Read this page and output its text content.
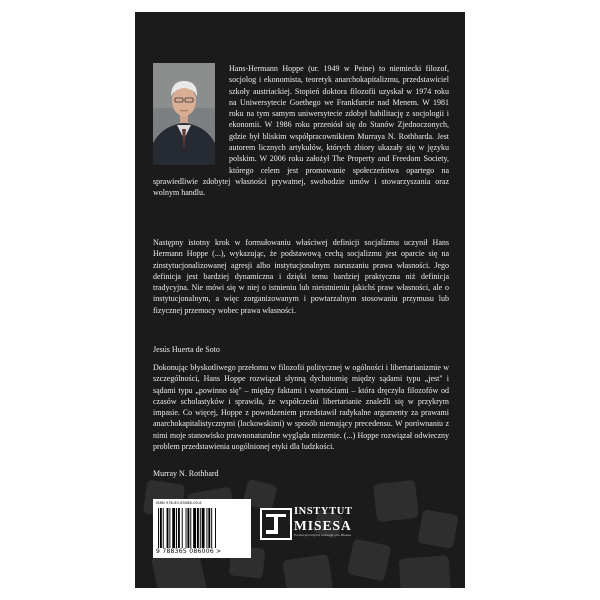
Hans-Hermann Hoppe (ur. 1949 w Peine) to niemiecki filozof, socjolog i ekonomista, teoretyk anarchokapitalizmu, przedstawiciel szkoły austriackiej. Stopień doktora filozofii uzyskał w 1974 roku na Uniwersytecie Goethego we Frankfurcie nad Menem. W 1981 roku na tym samym uniwersytecie zdobył habilitację z socjologii i ekonomii. W 1986 roku przeniósł się do Stanów Zjednoczonych, gdzie był bliskim współpracownikiem Murraya N. Rothbarda. Jest autorem licznych artykułów, których zbiory ukazały się w języku polskim. W 2006 roku założył The Property and Freedom Society, którego celem jest promowanie społeczeństwa opartego na sprawiedliwie zdobytej własności prywatnej, swobodzie umów i stowarzyszania oraz wolnym handlu.
Następny istotny krok w formułowaniu właściwej definicji socjalizmu uczynił Hans Hermann Hoppe (...), wykazując, że podstawową cechą socjalizmu jest oparcie się na zinstytucjonalizowanej agresji albo instytucjonalnym naruszaniu prawa własności. Jego definicja jest bardziej dynamiczna i dzięki temu bardziej praktyczna niż definicja tradycyjna. Nie mówi się w niej o istnieniu lub nieistnieniu jakichś praw własności, ale o instytucjonalnym, a więc zorganizowanym i powtarzalnym stosowaniu przymusu lub fizycznej przemocy wobec prawa własności.
Jesús Huerta de Soto
Dokonując błyskotliwego przełomu w filozofii politycznej w ogólności i libertarianizmie w szczególności, Hans Hoppe rozwiązał słynną dychotomię między sądami typu „jest" i sądami typu „powinno się" – między faktami i wartościami – która dręczyła filozofów od czasów scholastyków i sprawiła, że współcześni libertarianie znaleźli się w przykrym impasie. Co więcej, Hoppe z powodzeniem przedstawił radykalne argumenty za prawami anarchokapitalistycznymi (lockowskimi) w sposób niemający precedensu. W porównaniu z nimi moje stanowisko prawnonaturalne wygląda mizernie. (...) Hoppe rozwiązał odwieczny problem przedstawienia uogólnionej etyki dla ludzkości.
Murray N. Rothbard
ISBN 978-83-65086-00-6
9 788365 086006 >
INSTYTUT
MISESA
Fundacja Instytut Ludwiga von Misesa
